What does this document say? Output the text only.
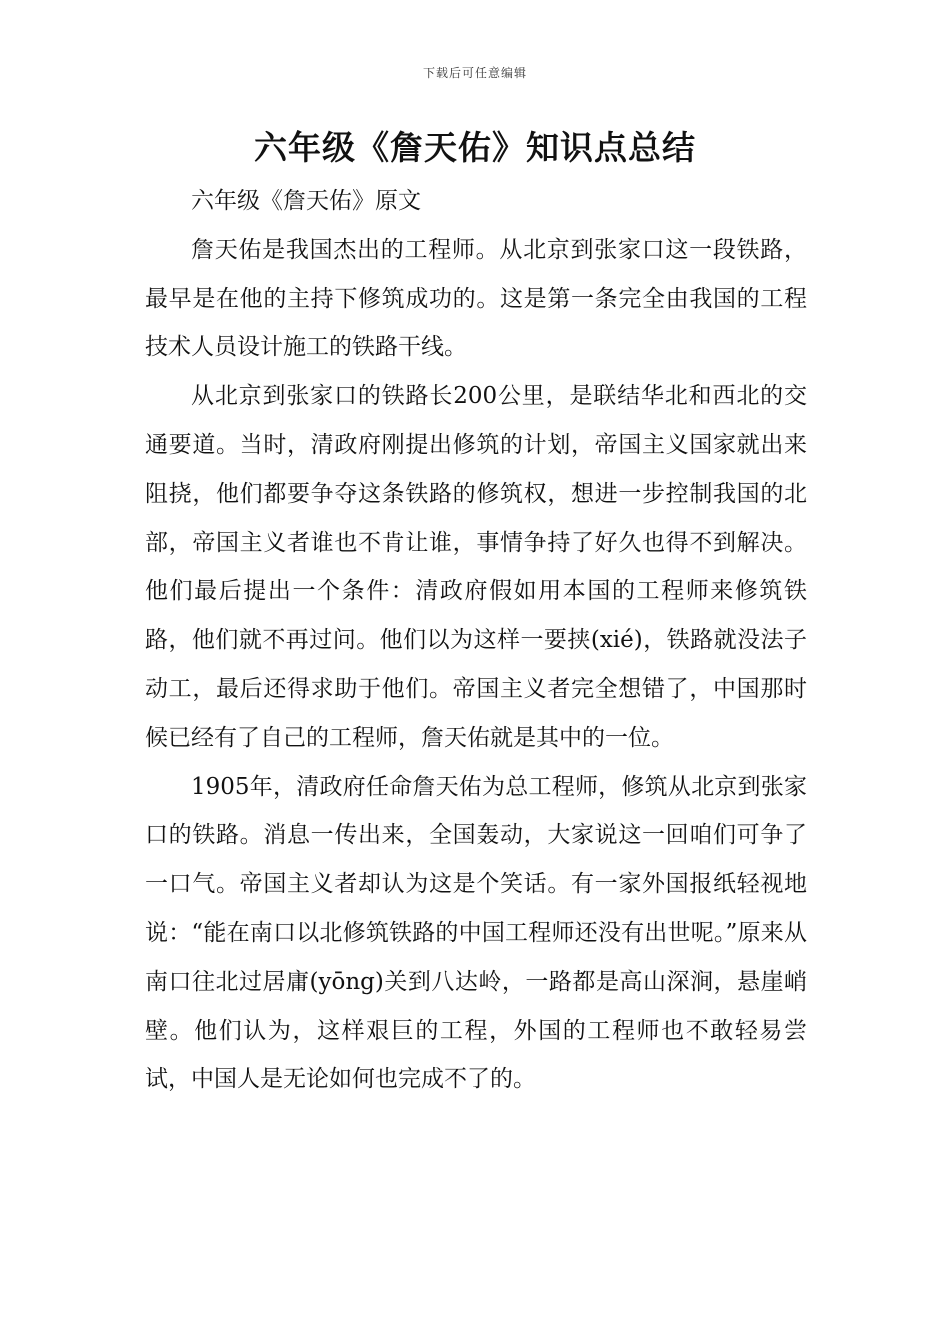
下载后可任意编辑
六年级《詹天佑》知识点总结

六年级《詹天佑》原文

詹天佑是我国杰出的工程师。从北京到张家口这一段铁路，最早是在他的主持下修筑成功的。这是第一条完全由我国的工程技术人员设计施工的铁路干线。

从北京到张家口的铁路长200公里，是联结华北和西北的交通要道。当时，清政府刚提出修筑的计划，帝国主义国家就出来阻挠，他们都要争夺这条铁路的修筑权，想进一步控制我国的北部，帝国主义者谁也不肯让谁，事情争持了好久也得不到解决。他们最后提出一个条件：清政府假如用本国的工程师来修筑铁路，他们就不再过问。他们以为这样一要挟(xié)，铁路就没法子动工，最后还得求助于他们。帝国主义者完全想错了，中国那时候已经有了自己的工程师，詹天佑就是其中的一位。

1905年，清政府任命詹天佑为总工程师，修筑从北京到张家口的铁路。消息一传出来，全国轰动，大家说这一回咱们可争了一口气。帝国主义者却认为这是个笑话。有一家外国报纸轻视地说：“能在南口以北修筑铁路的中国工程师还没有出世呢。”原来从南口往北过居庸(yōng)关到八达岭，一路都是高山深涧，悬崖峭壁。他们认为，这样艰巨的工程，外国的工程师也不敢轻易尝试，中国人是无论如何也完成不了的。
